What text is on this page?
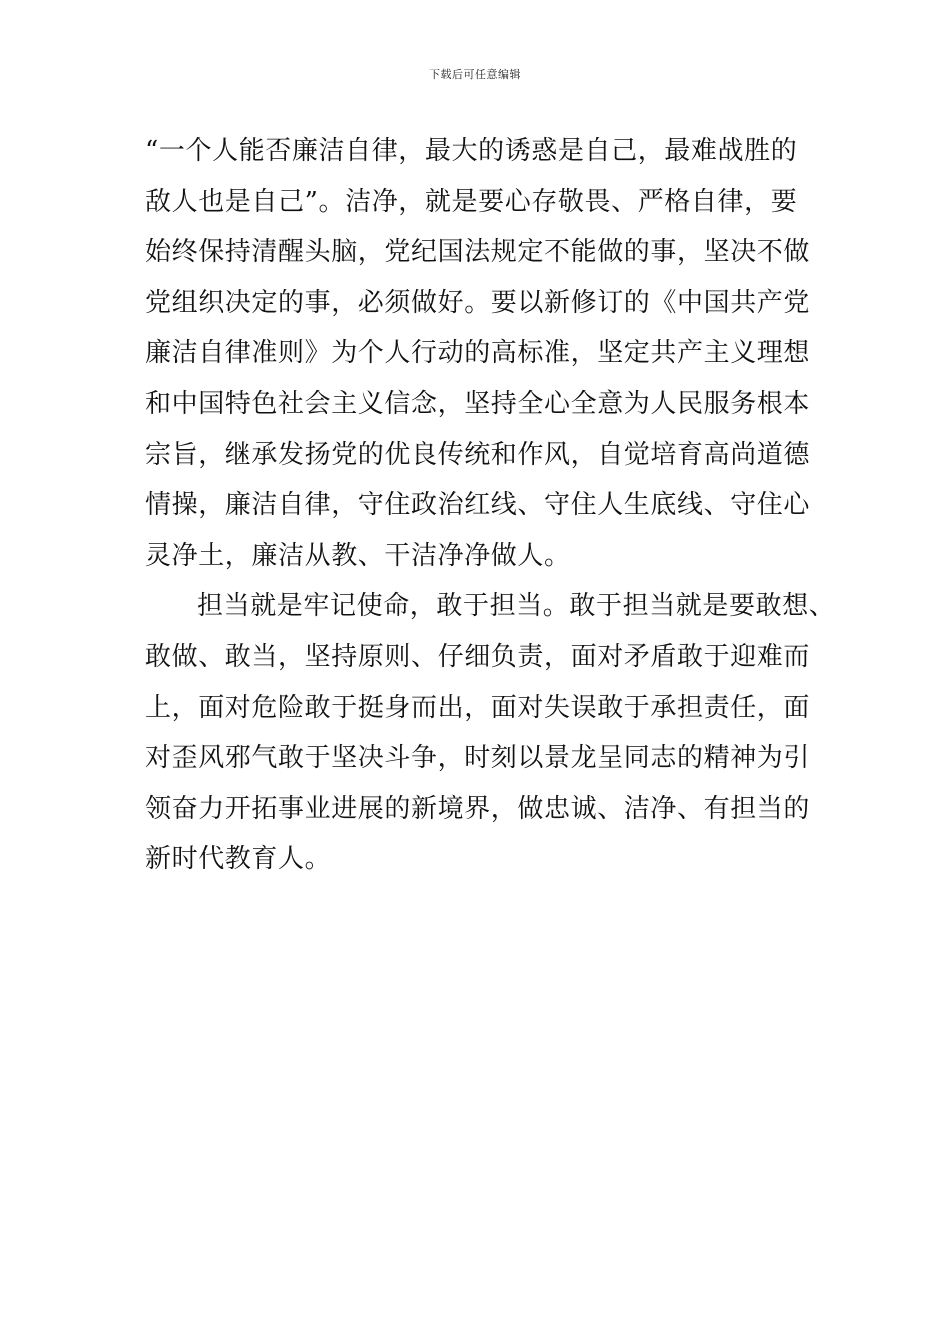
下载后可任意编辑
“一个人能否廉洁自律，最大的诱惑是自己，最难战胜的
敌人也是自己”。洁净，就是要心存敬畏、严格自律，要
始终保持清醒头脑，党纪国法规定不能做的事，坚决不做
党组织决定的事，必须做好。要以新修订的《中国共产党
廉洁自律准则》为个人行动的高标准，坚定共产主义理想
和中国特色社会主义信念，坚持全心全意为人民服务根本
宗旨，继承发扬党的优良传统和作风，自觉培育高尚道德
情操，廉洁自律，守住政治红线、守住人生底线、守住心
灵净土，廉洁从教、干洁净净做人。
担当就是牢记使命，敢于担当。敢于担当就是要敢想、
敢做、敢当，坚持原则、仔细负责，面对矛盾敢于迎难而
上，面对危险敢于挺身而出，面对失误敢于承担责任，面
对歪风邪气敢于坚决斗争，时刻以景龙呈同志的精神为引
领奋力开拓事业进展的新境界，做忠诚、洁净、有担当的
新时代教育人。
